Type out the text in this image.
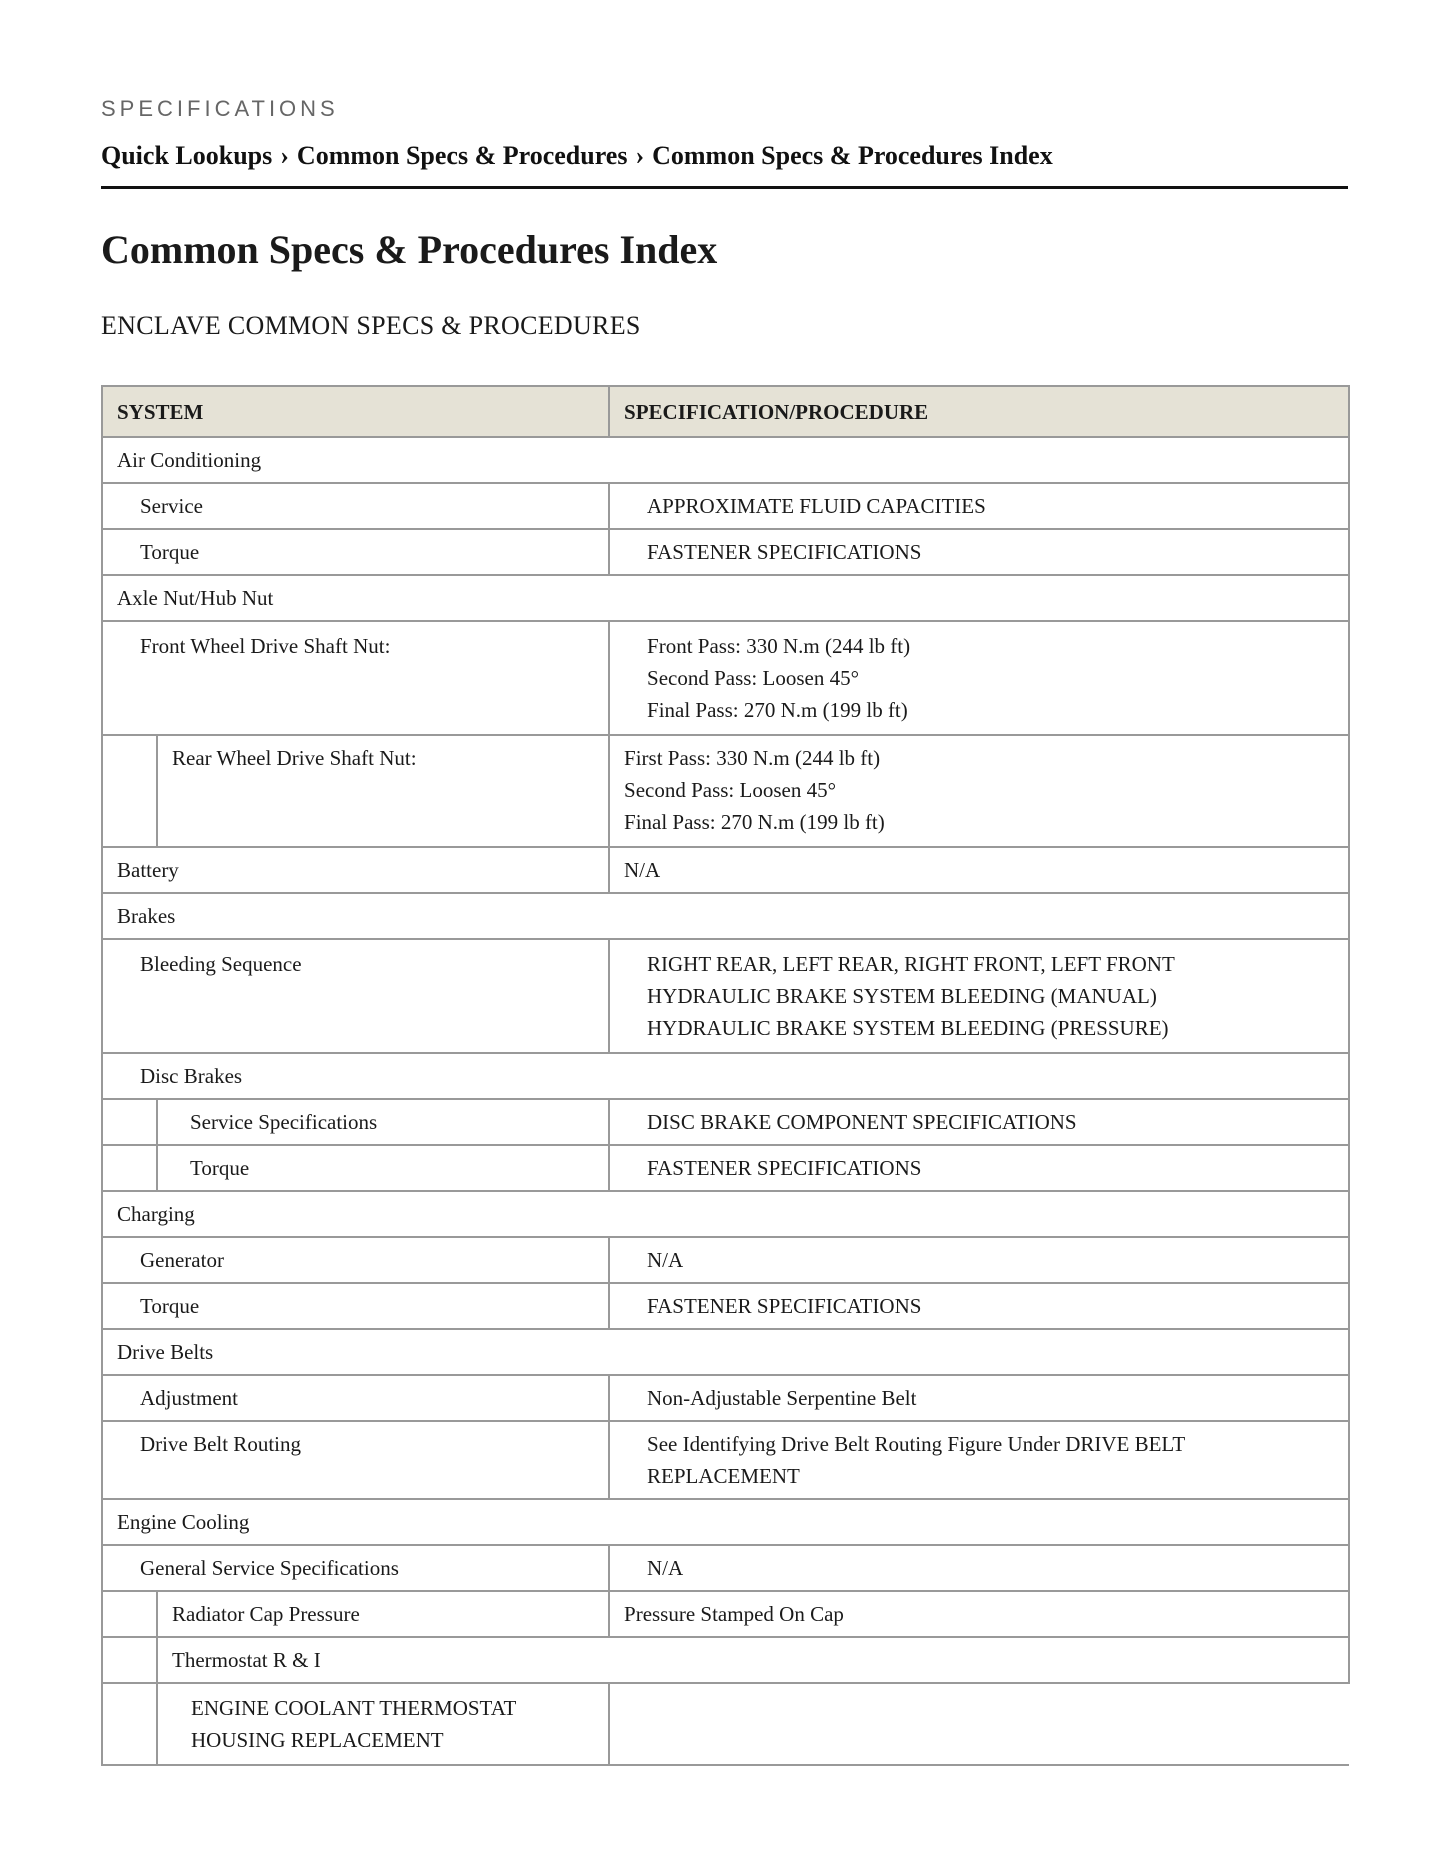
SPECIFICATIONS
Quick Lookups › Common Specs & Procedures › Common Specs & Procedures Index
Common Specs & Procedures Index
ENCLAVE COMMON SPECS & PROCEDURES
SYSTEM		SPECIFICATION/PROCEDURE
Air Conditioning		
Service		APPROXIMATE FLUID CAPACITIES
Torque		FASTENER SPECIFICATIONS
Axle Nut/Hub Nut		
Front Wheel Drive Shaft Nut:		Front Pass: 330 N.m (244 lb ft)
Second Pass: Loosen 45°
Final Pass: 270 N.m (199 lb ft)

	Rear Wheel Drive Shaft Nut:	First Pass: 330 N.m (244 lb ft)
Second Pass: Loosen 45°
Final Pass: 270 N.m (199 lb ft)

Battery		N/A
Brakes		
Bleeding Sequence		RIGHT REAR, LEFT REAR, RIGHT FRONT, LEFT FRONT
HYDRAULIC BRAKE SYSTEM BLEEDING (MANUAL)
HYDRAULIC BRAKE SYSTEM BLEEDING (PRESSURE)

Disc Brakes		
	Service Specifications	DISC BRAKE COMPONENT SPECIFICATIONS
	Torque	FASTENER SPECIFICATIONS
Charging		
Generator		N/A
Torque		FASTENER SPECIFICATIONS
Drive Belts		
Adjustment		Non-Adjustable Serpentine Belt
Drive Belt Routing		See Identifying Drive Belt Routing Figure Under DRIVE BELT
REPLACEMENT

Engine Cooling		
General Service Specifications		N/A
	Radiator Cap Pressure	Pressure Stamped On Cap
	Thermostat R & I	

	ENGINE COOLANT THERMOSTAT
HOUSING REPLACEMENT	
